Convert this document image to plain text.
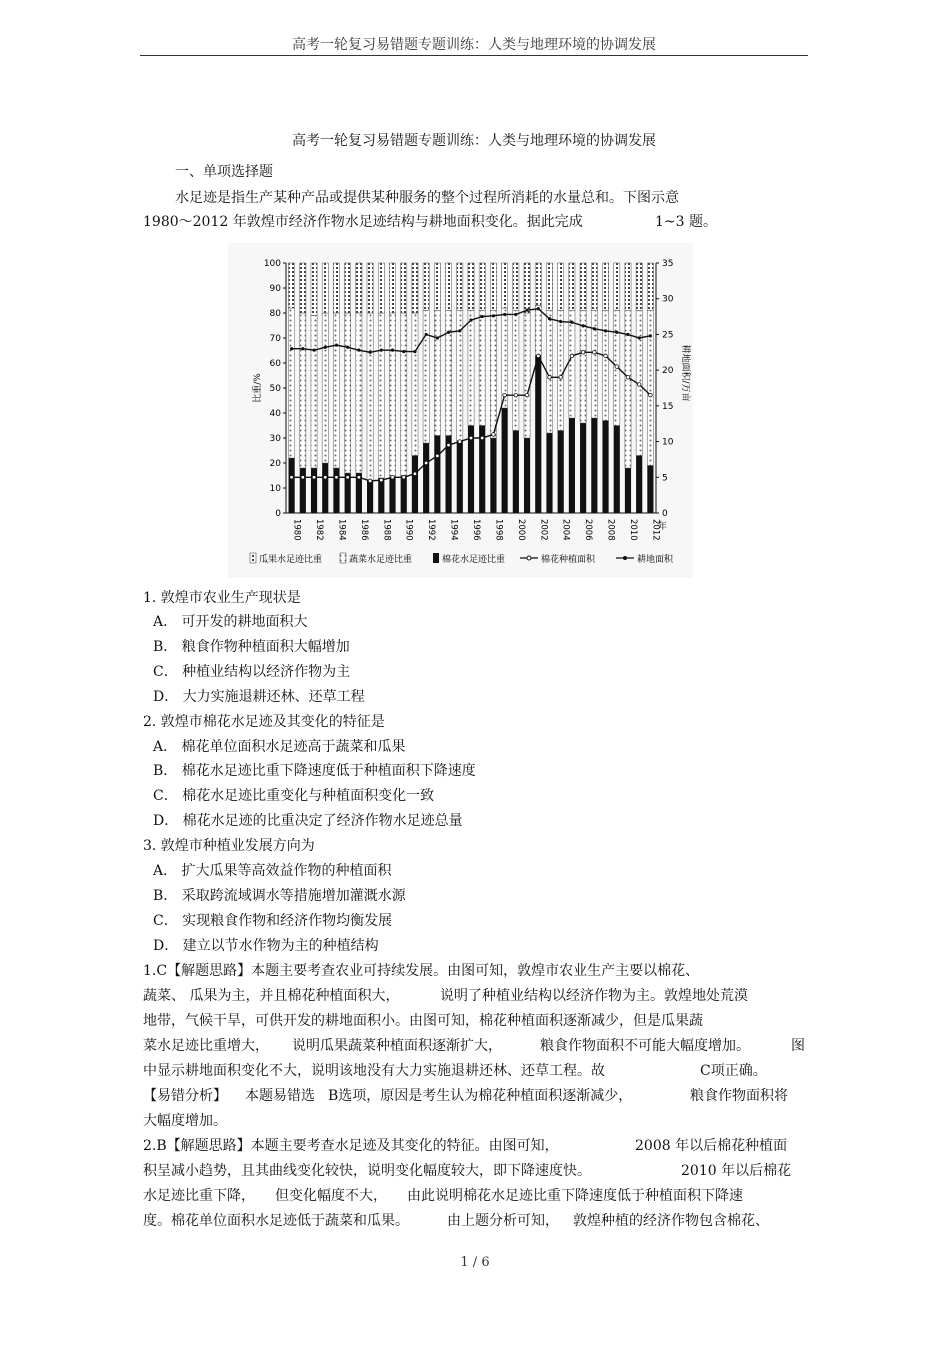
高考一轮复习易错题专题训练：人类与地理环境的协调发展
高考一轮复习易错题专题训练：人类与地理环境的协调发展
一、单项选择题
水足迹是指生产某种产品或提供某种服务的整个过程所消耗的水量总和。下图示意
1980～2012 年敦煌市经济作物水足迹结构与耕地面积变化。据此完成	1~3 题。
0
10
20
30
40
50
60
70
80
90
100
0
5
10
15
20
25
30
35
1980 1982 1984 1986 1988 1990 1992 1994 1996 1998 2000 2002 2004 2006 2008 2010 2012
年
比重/%	耕地面积/万亩
瓜果水足迹比重	蔬菜水足迹比重	棉花水足迹比重	棉花种植面积	耕地面积
1. 敦煌市农业生产现状是
A． 可开发的耕地面积大
B． 粮食作物种植面积大幅增加
C． 种植业结构以经济作物为主
D． 大力实施退耕还林、还草工程
2. 敦煌市棉花水足迹及其变化的特征是
A． 棉花单位面积水足迹高于蔬菜和瓜果
B． 棉花水足迹比重下降速度低于种植面积下降速度
C． 棉花水足迹比重变化与种植面积变化一致
D． 棉花水足迹的比重决定了经济作物水足迹总量
3. 敦煌市种植业发展方向为
A． 扩大瓜果等高效益作物的种植面积
B． 采取跨流域调水等措施增加灌溉水源
C． 实现粮食作物和经济作物均衡发展
D． 建立以节水作物为主的种植结构
1.C【解题思路】本题主要考查农业可持续发展。由图可知，敦煌市农业生产主要以棉花、
蔬菜、 瓜果为主，并且棉花种植面积大，	说明了种植业结构以经济作物为主。敦煌地处荒漠
地带，气候干旱，可供开发的耕地面积小。由图可知，棉花种植面积逐渐减少，但是瓜果蔬
菜水足迹比重增大， 说明瓜果蔬菜种植面积逐渐扩大，	粮食作物面积不可能大幅度增加。	图
中显示耕地面积变化不大，说明该地没有大力实施退耕还林、还草工程。故	C项正确。
【易错分析】 本题易错选 B选项，原因是考生认为棉花种植面积逐渐减少，	粮食作物面积将
大幅度增加。
2.B【解题思路】本题主要考查水足迹及其变化的特征。由图可知，	2008 年以后棉花种植面
积呈减小趋势，且其曲线变化较快，说明变化幅度较大，即下降速度快。	2010 年以后棉花
水足迹比重下降， 但变化幅度不大， 由此说明棉花水足迹比重下降速度低于种植面积下降速
度。棉花单位面积水足迹低于蔬菜和瓜果。	由上题分析可知， 敦煌种植的经济作物包含棉花、
1 / 6
